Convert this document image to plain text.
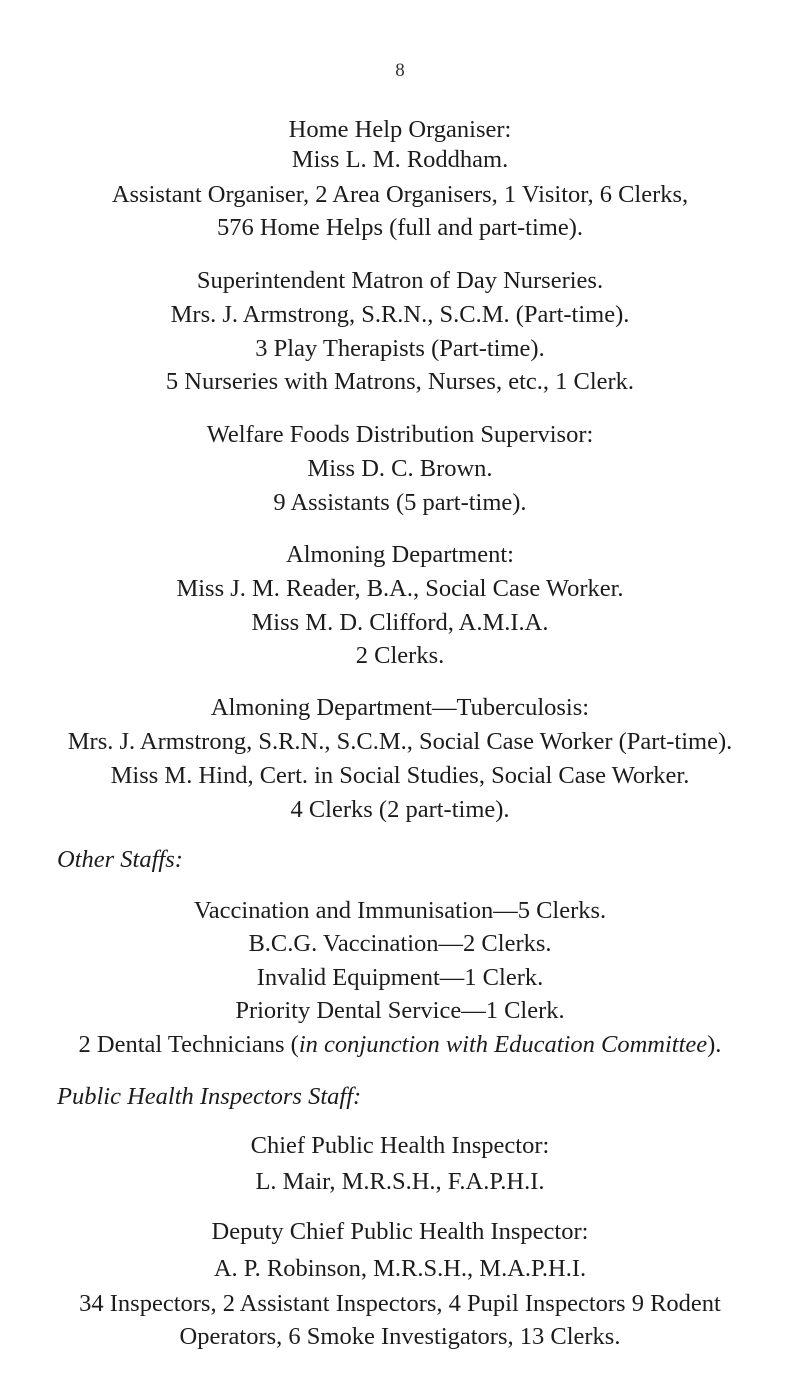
8
Home Help Organiser:
Miss L. M. Roddham.
Assistant Organiser, 2 Area Organisers, 1 Visitor, 6 Clerks,
576 Home Helps (full and part-time).
Superintendent Matron of Day Nurseries.
Mrs. J. Armstrong, S.R.N., S.C.M. (Part-time).
3 Play Therapists (Part-time).
5 Nurseries with Matrons, Nurses, etc., 1 Clerk.
Welfare Foods Distribution Supervisor:
Miss D. C. Brown.
9 Assistants (5 part-time).
Almoning Department:
Miss J. M. Reader, B.A., Social Case Worker.
Miss M. D. Clifford, A.M.I.A.
2 Clerks.
Almoning Department—Tuberculosis:
Mrs. J. Armstrong, S.R.N., S.C.M., Social Case Worker (Part-time).
Miss M. Hind, Cert. in Social Studies, Social Case Worker.
4 Clerks (2 part-time).
Other Staffs:
Vaccination and Immunisation—5 Clerks.
B.C.G. Vaccination—2 Clerks.
Invalid Equipment—1 Clerk.
Priority Dental Service—1 Clerk.
2 Dental Technicians (in conjunction with Education Committee).
Public Health Inspectors Staff:
Chief Public Health Inspector:
L. Mair, M.R.S.H., F.A.P.H.I.
Deputy Chief Public Health Inspector:
A. P. Robinson, M.R.S.H., M.A.P.H.I.
34 Inspectors, 2 Assistant Inspectors, 4 Pupil Inspectors 9 Rodent
Operators, 6 Smoke Investigators, 13 Clerks.
